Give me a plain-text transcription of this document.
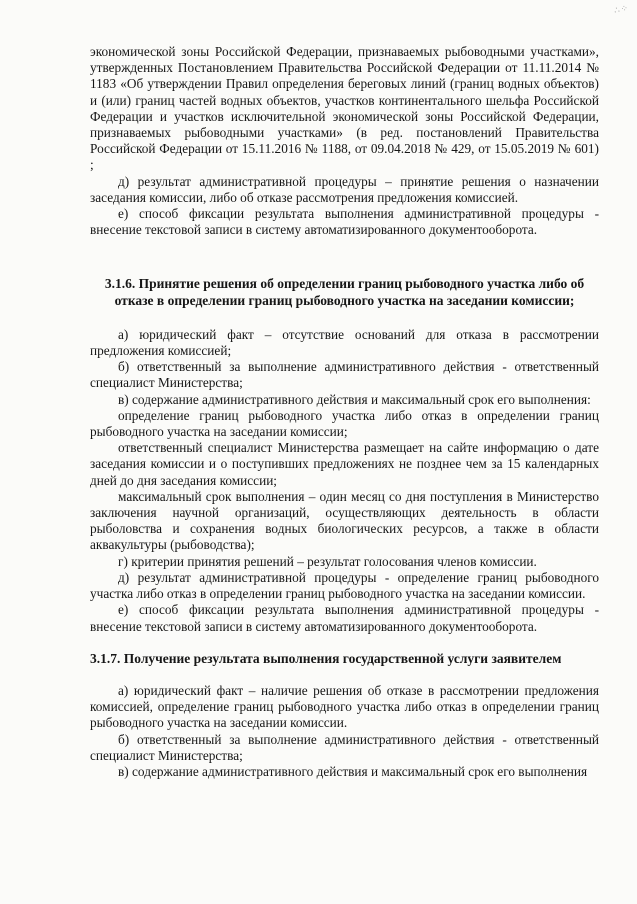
∴⁘

экономической зоны Российской Федерации, признаваемых рыбоводными участками», утвержденных Постановлением Правительства Российской Федерации от 11.11.2014 № 1183 «Об утверждении Правил определения береговых линий (границ водных объектов) и (или) границ частей водных объектов, участков континентального шельфа Российской Федерации и участков исключительной экономической зоны Российской Федерации, признаваемых рыбоводными участками» (в ред. постановлений Правительства Российской Федерации от 15.11.2016 № 1188, от 09.04.2018 № 429, от 15.05.2019 № 601) ;

д) результат административной процедуры – принятие решения о назначении заседания комиссии, либо об отказе рассмотрения предложения комиссией.

е) способ фиксации результата выполнения административной процедуры - внесение текстовой записи в систему автоматизированного документооборота.

3.1.6. Принятие решения об определении границ рыбоводного участка либо об отказе в определении границ рыбоводного участка на заседании комиссии;

а) юридический факт – отсутствие оснований для отказа в рассмотрении предложения комиссией;

б) ответственный за выполнение административного действия - ответственный специалист Министерства;

в) содержание административного действия и максимальный срок его выполнения:

определение границ рыбоводного участка либо отказ в определении границ рыбоводного участка на заседании комиссии;

ответственный специалист Министерства размещает на сайте информацию о дате заседания комиссии и о поступивших предложениях не позднее чем за 15 календарных дней до дня заседания комиссии;

максимальный срок выполнения – один месяц со дня поступления в Министерство заключения научной организаций, осуществляющих деятельность в области рыболовства и сохранения водных биологических ресурсов, а также в области аквакультуры (рыбоводства);

г) критерии принятия решений – результат голосования членов комиссии.

д) результат административной процедуры - определение границ рыбоводного участка либо отказ в определении границ рыбоводного участка на заседании комиссии.

е) способ фиксации результата выполнения административной процедуры - внесение текстовой записи в систему автоматизированного документооборота.

3.1.7. Получение результата выполнения государственной услуги заявителем

а) юридический факт – наличие решения об отказе в рассмотрении предложения комиссией, определение границ рыбоводного участка либо отказ в определении границ рыбоводного участка на заседании комиссии.

б) ответственный за выполнение административного действия - ответственный специалист Министерства;

в) содержание административного действия и максимальный срок его выполнения
